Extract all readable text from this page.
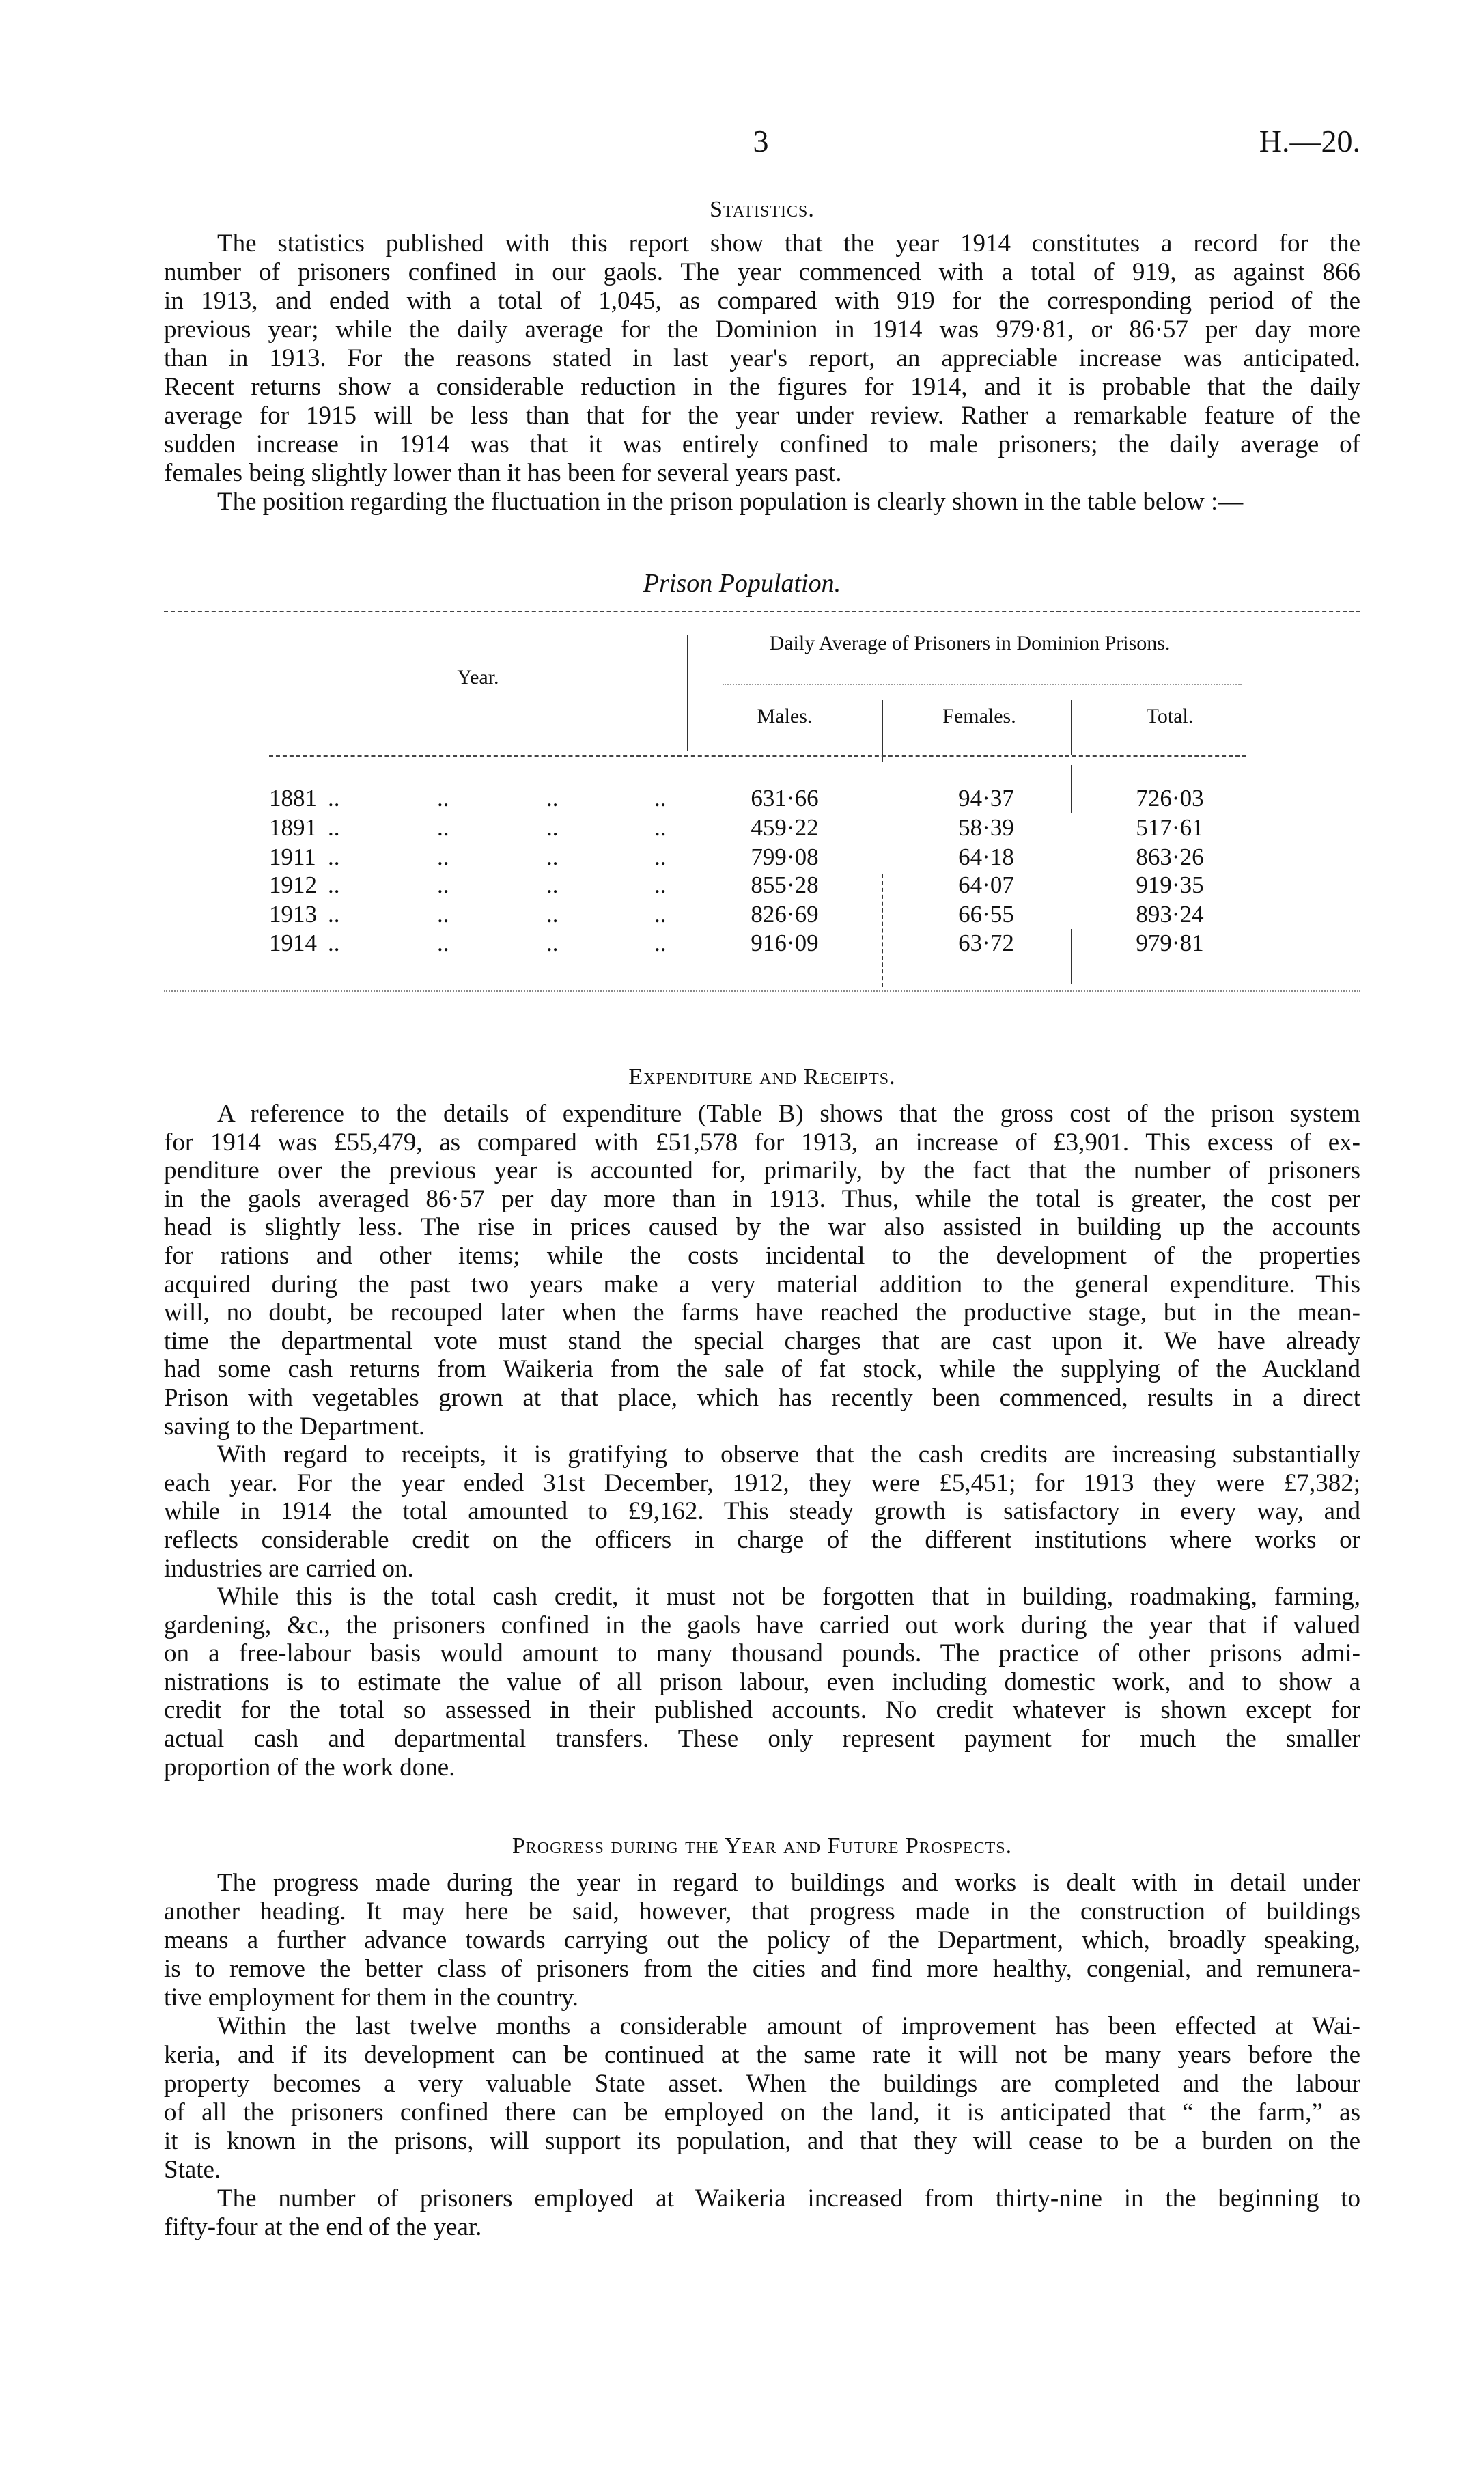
3	H.—20.
Statistics.
The statistics published with this report show that the year 1914 constitutes a record for the
number of prisoners confined in our gaols. The year commenced with a total of 919, as against 866
in 1913, and ended with a total of 1,045, as compared with 919 for the corresponding period of the
previous year; while the daily average for the Dominion in 1914 was 979·81, or 86·57 per day more
than in 1913. For the reasons stated in last year's report, an appreciable increase was anticipated.
Recent returns show a considerable reduction in the figures for 1914, and it is probable that the daily
average for 1915 will be less than that for the year under review. Rather a remarkable feature of the
sudden increase in 1914 was that it was entirely confined to male prisoners; the daily average of
females being slightly lower than it has been for several years past.
The position regarding the fluctuation in the prison population is clearly shown in the table below :—
Prison Population.
Daily Average of Prisoners in Dominion Prisons.
Year.
Males.	Females.	Total.
1881 ..	..	..	..	631·66	94·37	726·03
1891 ..	..	..	..	459·22	58·39	517·61
1911 ..	..	..	..	799·08	64·18	863·26
1912 ..	..	..	..	855·28	64·07	919·35
1913 ..	..	..	..	826·69	66·55	893·24
1914 ..	..	..	..	916·09	63·72	979·81
Expenditure and Receipts.
A reference to the details of expenditure (Table B) shows that the gross cost of the prison system
for 1914 was £55,479, as compared with £51,578 for 1913, an increase of £3,901. This excess of ex-
penditure over the previous year is accounted for, primarily, by the fact that the number of prisoners
in the gaols averaged 86·57 per day more than in 1913. Thus, while the total is greater, the cost per
head is slightly less. The rise in prices caused by the war also assisted in building up the accounts
for rations and other items; while the costs incidental to the development of the properties
acquired during the past two years make a very material addition to the general expenditure. This
will, no doubt, be recouped later when the farms have reached the productive stage, but in the mean-
time the departmental vote must stand the special charges that are cast upon it. We have already
had some cash returns from Waikeria from the sale of fat stock, while the supplying of the Auckland
Prison with vegetables grown at that place, which has recently been commenced, results in a direct
saving to the Department.
With regard to receipts, it is gratifying to observe that the cash credits are increasing substantially
each year. For the year ended 31st December, 1912, they were £5,451; for 1913 they were £7,382;
while in 1914 the total amounted to £9,162. This steady growth is satisfactory in every way, and
reflects considerable credit on the officers in charge of the different institutions where works or
industries are carried on.
While this is the total cash credit, it must not be forgotten that in building, roadmaking, farming,
gardening, &c., the prisoners confined in the gaols have carried out work during the year that if valued
on a free-labour basis would amount to many thousand pounds. The practice of other prisons admi-
nistrations is to estimate the value of all prison labour, even including domestic work, and to show a
credit for the total so assessed in their published accounts. No credit whatever is shown except for
actual cash and departmental transfers. These only represent payment for much the smaller
proportion of the work done.
Progress during the Year and Future Prospects.
The progress made during the year in regard to buildings and works is dealt with in detail under
another heading. It may here be said, however, that progress made in the construction of buildings
means a further advance towards carrying out the policy of the Department, which, broadly speaking,
is to remove the better class of prisoners from the cities and find more healthy, congenial, and remunera-
tive employment for them in the country.
Within the last twelve months a considerable amount of improvement has been effected at Wai-
keria, and if its development can be continued at the same rate it will not be many years before the
property becomes a very valuable State asset. When the buildings are completed and the labour
of all the prisoners confined there can be employed on the land, it is anticipated that “ the farm,” as
it is known in the prisons, will support its population, and that they will cease to be a burden on the
State.
The number of prisoners employed at Waikeria increased from thirty-nine in the beginning to
fifty-four at the end of the year.
